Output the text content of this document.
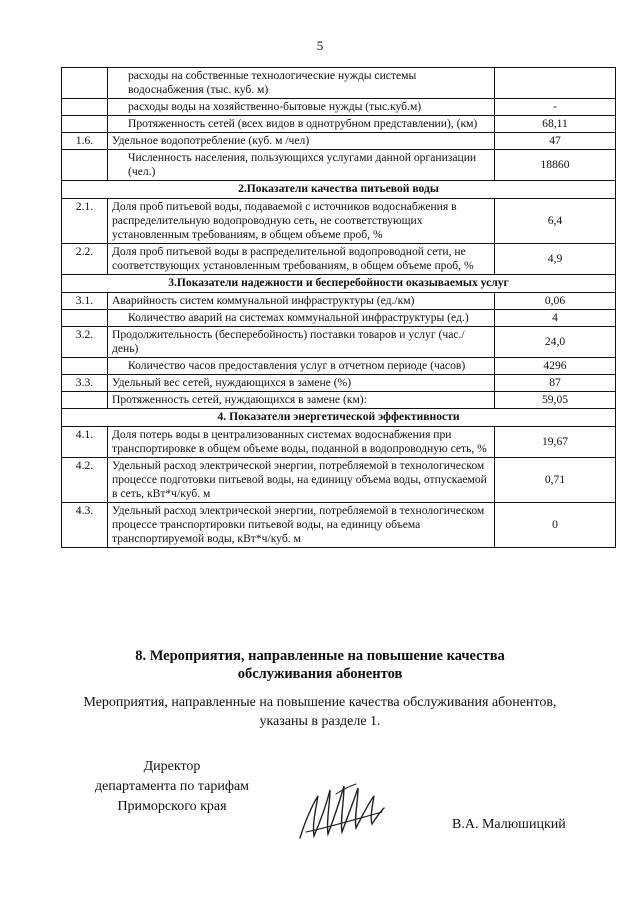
5
	расходы на собственные технологические нужды системы водоснабжения (тыс. куб. м)	
	расходы воды на хозяйственно-бытовые нужды (тыс.куб.м)	-
	Протяженность сетей (всех видов в однотрубном представлении), (км)	68,11
1.6.	Удельное водопотребление (куб. м /чел)	47
	Численность населения, пользующихся услугами данной организации (чел.)	18860
2.Показатели качества питьевой воды		
2.1.	Доля проб питьевой воды, подаваемой с источников водоснабжения в распределительную водопроводную сеть, не соответствующих установленным требованиям, в общем объеме проб, %	6,4
2.2.	Доля проб питьевой воды в распределительной водопроводной сети, не соответствующих установленным требованиям, в общем объеме проб, %	4,9
3.Показатели надежности и бесперебойности оказываемых услуг		
3.1.	Аварийность систем коммунальной инфраструктуры (ед./км)	0,06
	Количество аварий на системах коммунальной инфраструктуры (ед.)	4
3.2.	Продолжительность (бесперебойность) поставки товаров и услуг (час./день)	24,0
	Количество часов предоставления услуг в отчетном периоде (часов)	4296
3.3.	Удельный вес сетей, нуждающихся в замене (%)	87
	Протяженность сетей, нуждающихся в замене (км):	59,05
4. Показатели энергетической эффективности		
4.1.	Доля потерь воды в централизованных системах водоснабжения при транспортировке в общем объеме воды, поданной в водопроводную сеть, %	19,67
4.2.	Удельный расход электрической энергии, потребляемой в технологическом процессе подготовки питьевой воды, на единицу объема воды, отпускаемой в сеть, кВт*ч/куб. м	0,71
4.3.	Удельный расход электрической энергии, потребляемой в технологическом процессе транспортировки питьевой воды, на единицу объема транспортируемой воды, кВт*ч/куб. м	0
8. Мероприятия, направленные на повышение качества
обслуживания абонентов
Мероприятия, направленные на повышение качества обслуживания абонентов,
указаны в разделе 1.
Директор
департамента по тарифам
Приморского края
В.А. Малюшицкий
